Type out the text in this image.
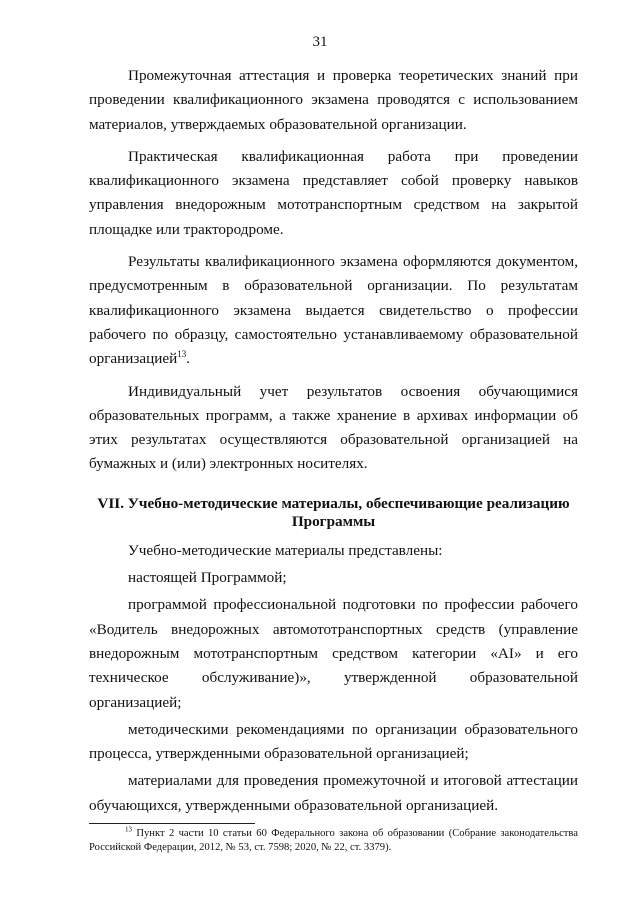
31

Промежуточная аттестация и проверка теоретических знаний при проведении квалификационного экзамена проводятся с использованием материалов, утверждаемых образовательной организации.

Практическая квалификационная работа при проведении квалификационного экзамена представляет собой проверку навыков управления внедорожным мототранспортным средством на закрытой площадке или трактородроме.

Результаты квалификационного экзамена оформляются документом, предусмотренным в образовательной организации. По результатам квалификационного экзамена выдается свидетельство о профессии рабочего по образцу, самостоятельно устанавливаемому образовательной организацией$^{13}$.

Индивидуальный учет результатов освоения обучающимися образовательных программ, а также хранение в архивах информации об этих результатах осуществляются образовательной организацией на бумажных и (или) электронных носителях.

VII. Учебно-методические материалы, обеспечивающие реализацию
Программы

Учебно-методические материалы представлены:

настоящей Программой;

программой профессиональной подготовки по профессии рабочего «Водитель внедорожных автомототранспортных средств (управление внедорожным мототранспортным средством категории «AI» и его техническое обслуживание)», утвержденной образовательной организацией;

методическими рекомендациями по организации образовательного процесса, утвержденными образовательной организацией;

материалами для проведения промежуточной и итоговой аттестации обучающихся, утвержденными образовательной организацией.

$^{13}$ Пункт 2 части 10 статьи 60 Федерального закона об образовании (Собрание законодательства Российской Федерации, 2012, № 53, ст. 7598; 2020, № 22, ст. 3379).
